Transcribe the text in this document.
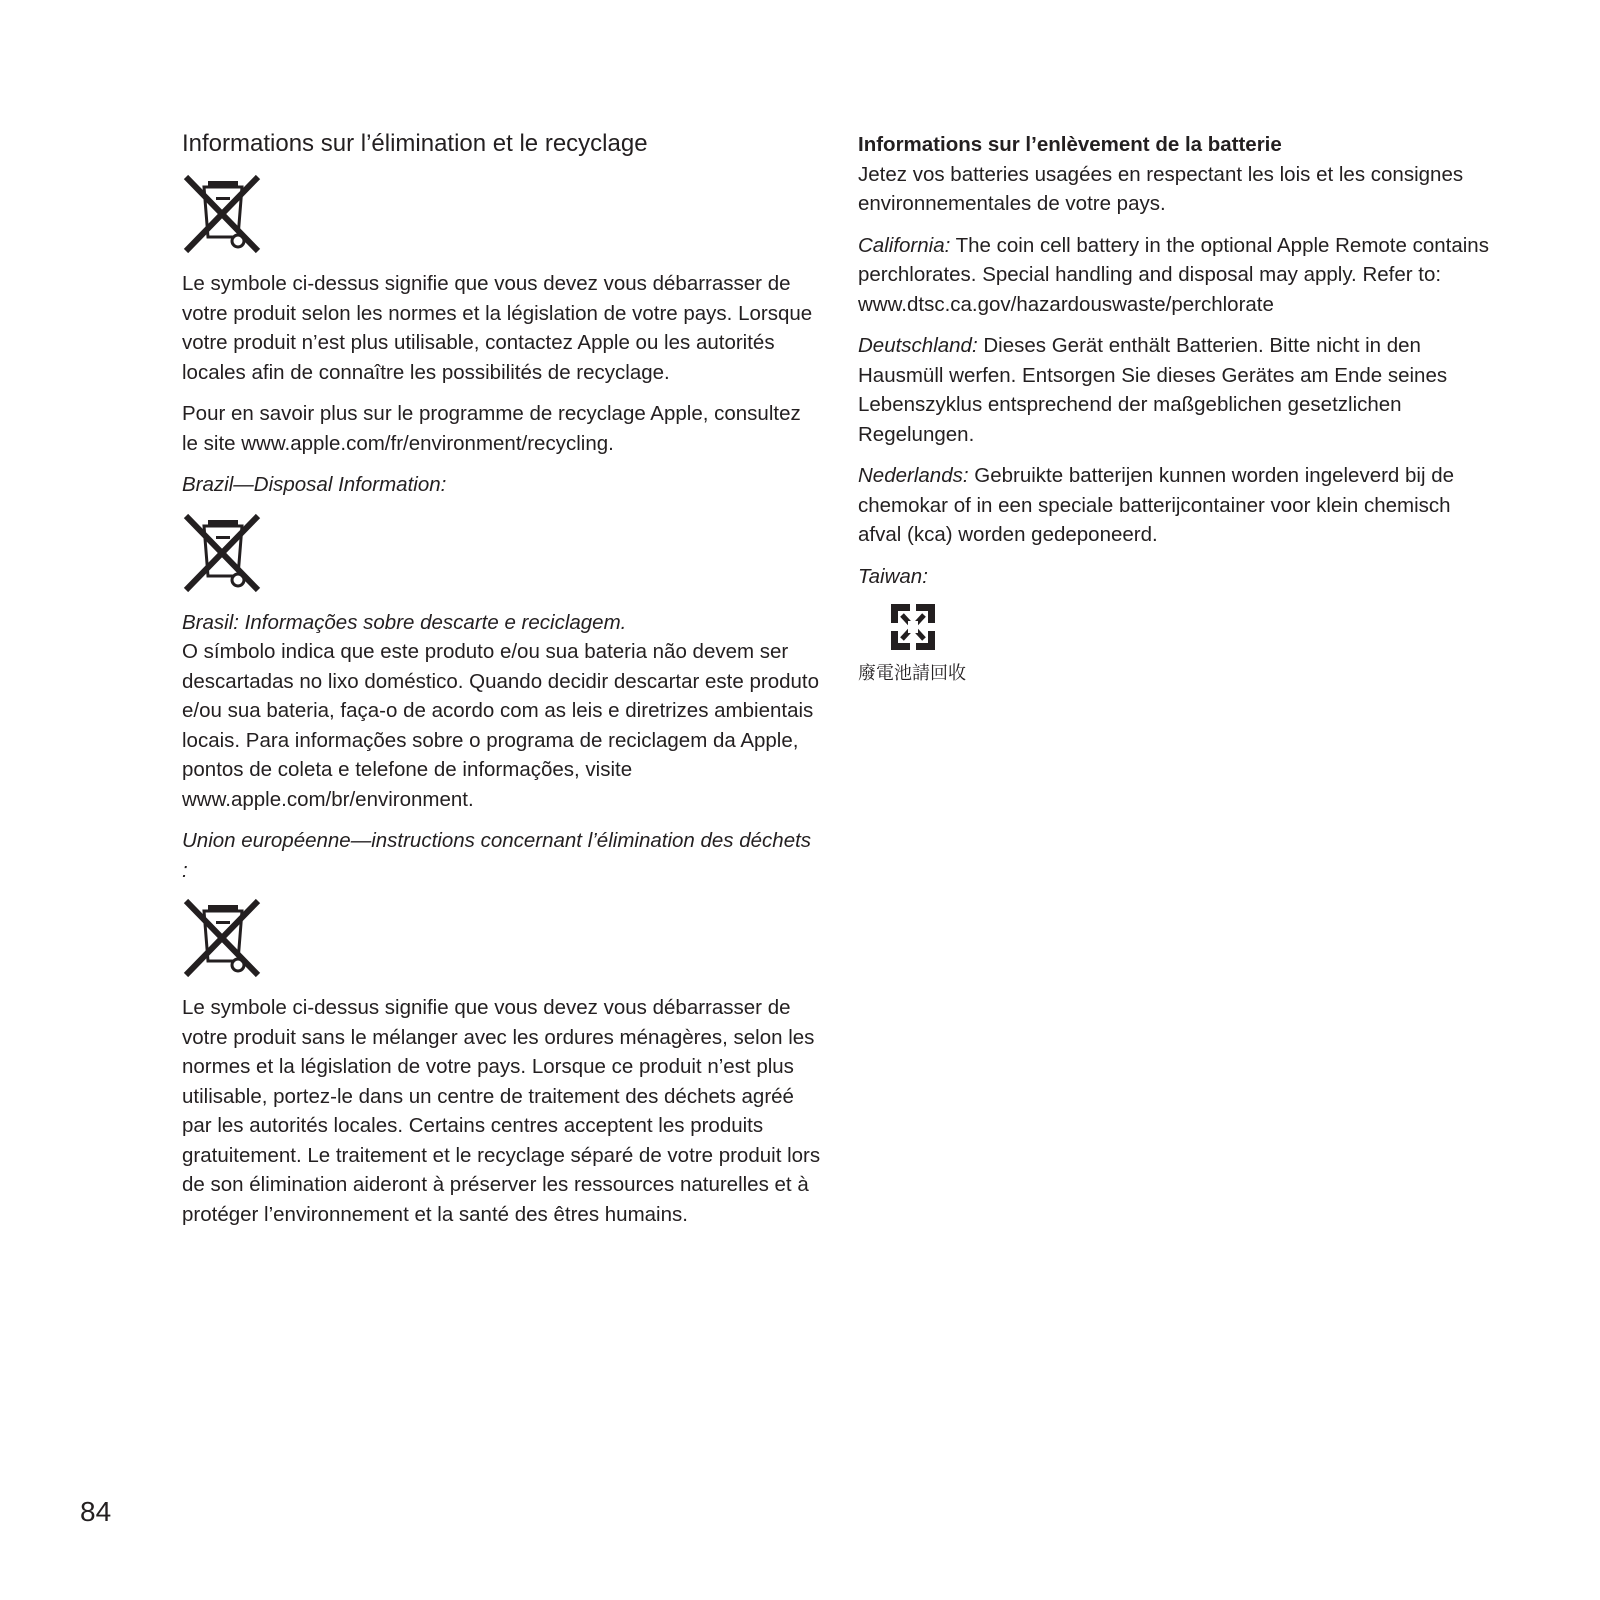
Informations sur l’élimination et le recyclage

Le symbole ci-dessus signifie que vous devez vous débarrasser de votre produit selon les normes et la législation de votre pays. Lorsque votre produit n’est plus utilisable, contactez Apple ou les autorités locales afin de connaître les possibilités de recyclage.

Pour en savoir plus sur le programme de recyclage Apple, consultez le site www.apple.com/fr/environment/recycling.

Brazil—Disposal Information:

Brasil: Informações sobre descarte e reciclagem.

O símbolo indica que este produto e/ou sua bateria não devem ser descartadas no lixo doméstico. Quando decidir descartar este produto e/ou sua bateria, faça-o de acordo com as leis e diretrizes ambientais locais. Para informações sobre o programa de reciclagem da Apple, pontos de coleta e telefone de informações, visite www.apple.com/br/environment.

Union européenne—instructions concernant l’élimination des déchets :

Le symbole ci-dessus signifie que vous devez vous débarrasser de votre produit sans le mélanger avec les ordures ménagères, selon les normes et la législation de votre pays. Lorsque ce produit n’est plus utilisable, portez-le dans un centre de traitement des déchets agréé par les autorités locales. Certains centres acceptent les produits gratuitement. Le traitement et le recyclage séparé de votre produit lors de son élimination aideront à préserver les ressources naturelles et à protéger l’environnement et la santé des êtres humains.

Informations sur l’enlèvement de la batterie

Jetez vos batteries usagées en respectant les lois et les consignes environnementales de votre pays.

California: The coin cell battery in the optional Apple Remote contains perchlorates. Special handling and disposal may apply. Refer to: www.dtsc.ca.gov/hazardouswaste/perchlorate

Deutschland: Dieses Gerät enthält Batterien. Bitte nicht in den Hausmüll werfen. Entsorgen Sie dieses Gerätes am Ende seines Lebenszyklus entsprechend der maßgeblichen gesetzlichen Regelungen.

Nederlands: Gebruikte batterijen kunnen worden ingeleverd bij de chemokar of in een speciale batterijcontainer voor klein chemisch afval (kca) worden gedeponeerd.

Taiwan:

廢電池請回收

84
